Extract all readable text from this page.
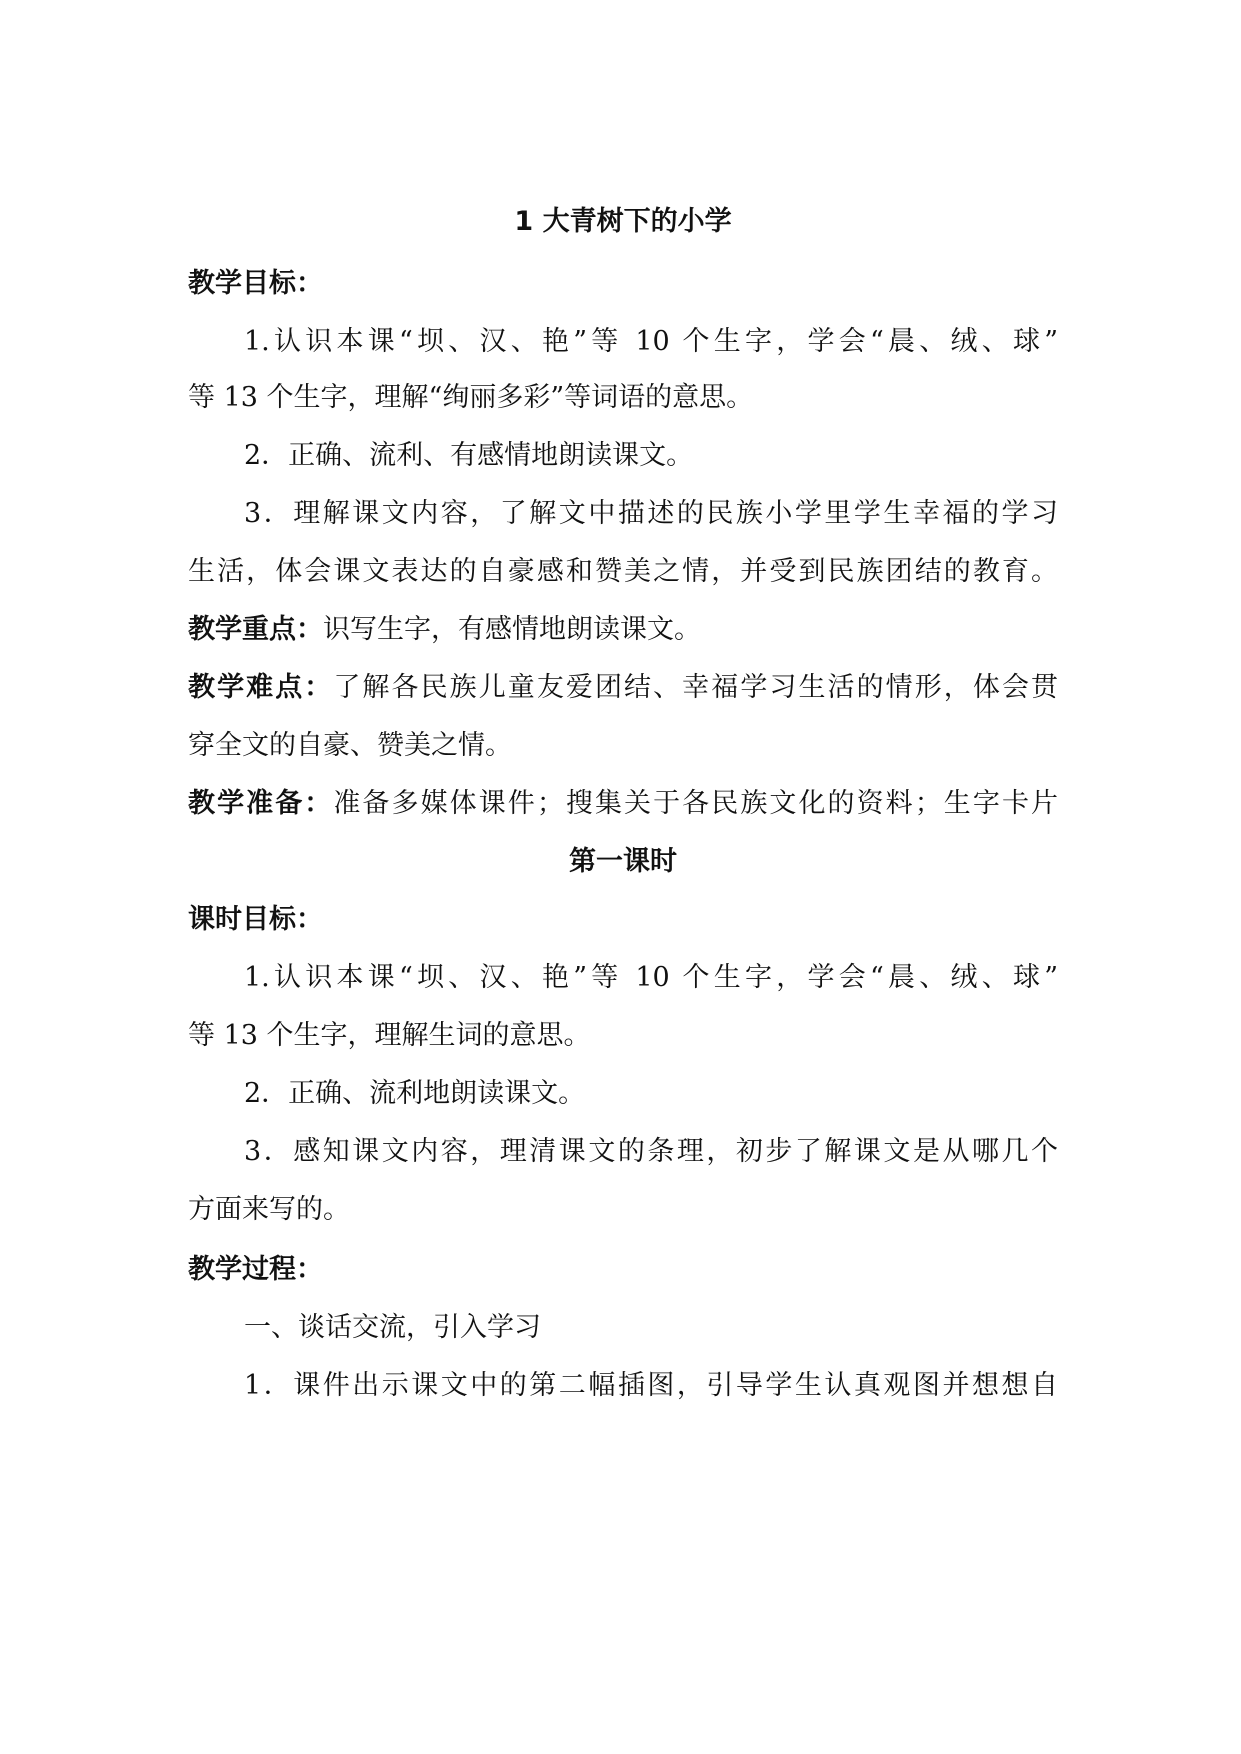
1 大青树下的小学
教学目标：
1.认识本课“坝、汉、艳”等 10 个生字，学会“晨、绒、球”
等 13 个生字，理解“绚丽多彩”等词语的意思。
2．正确、流利、有感情地朗读课文。
3．理解课文内容，了解文中描述的民族小学里学生幸福的学习
生活，体会课文表达的自豪感和赞美之情，并受到民族团结的教育。
教学重点：识写生字，有感情地朗读课文。
教学难点：了解各民族儿童友爱团结、幸福学习生活的情形，体会贯
穿全文的自豪、赞美之情。
教学准备：准备多媒体课件；搜集关于各民族文化的资料；生字卡片
第一课时
课时目标：
1.认识本课“坝、汉、艳”等 10 个生字，学会“晨、绒、球”
等 13 个生字，理解生词的意思。
2．正确、流利地朗读课文。
3．感知课文内容，理清课文的条理，初步了解课文是从哪几个
方面来写的。
教学过程：
一、谈话交流，引入学习
1．课件出示课文中的第二幅插图，引导学生认真观图并想想自
